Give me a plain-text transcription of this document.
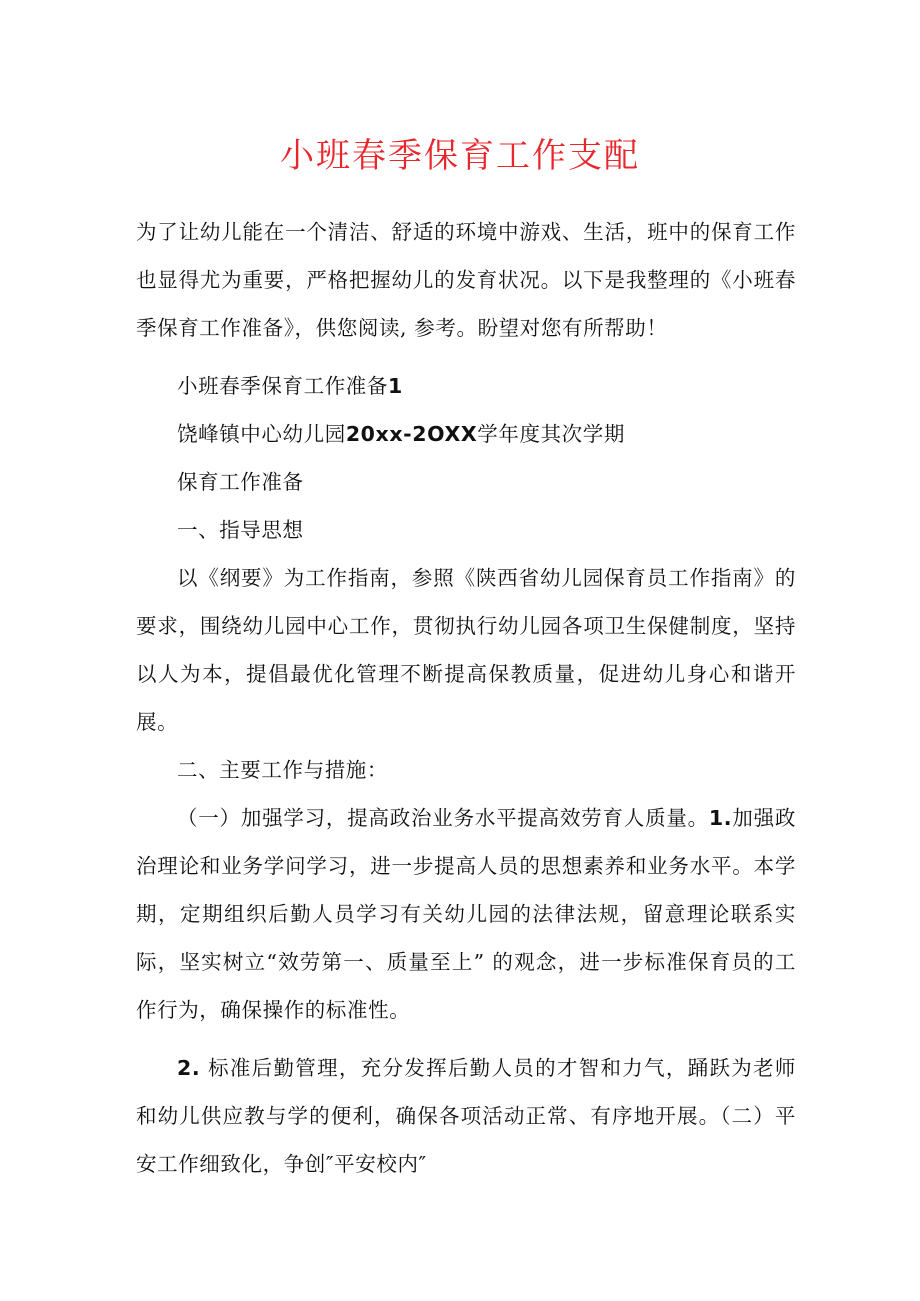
小班春季保育工作支配

为了让幼儿能在一个清洁、舒适的环境中游戏、生活，班中的保育工作也显得尤为重要，严格把握幼儿的发育状况。以下是我整理的《小班春季保育工作准备》，供您阅读, 参考。盼望对您有所帮助！

小班春季保育工作准备1

饶峰镇中心幼儿园20xx-2OXX学年度其次学期

保育工作准备

一、指导思想

以《纲要》为工作指南，参照《陕西省幼儿园保育员工作指南》的要求，围绕幼儿园中心工作，贯彻执行幼儿园各项卫生保健制度，坚持以人为本，提倡最优化管理不断提高保教质量，促进幼儿身心和谐开展。

二、主要工作与措施：

（一）加强学习，提高政治业务水平提高效劳育人质量。1.加强政治理论和业务学问学习，进一步提高人员的思想素养和业务水平。本学期，定期组织后勤人员学习有关幼儿园的法律法规，留意理论联系实际，坚实树立“效劳第一、质量至上” 的观念，进一步标准保育员的工作行为，确保操作的标准性。

2. 标准后勤管理，充分发挥后勤人员的才智和力气，踊跃为老师和幼儿供应教与学的便利，确保各项活动正常、有序地开展。（二）平安工作细致化，争创″平安校内″
